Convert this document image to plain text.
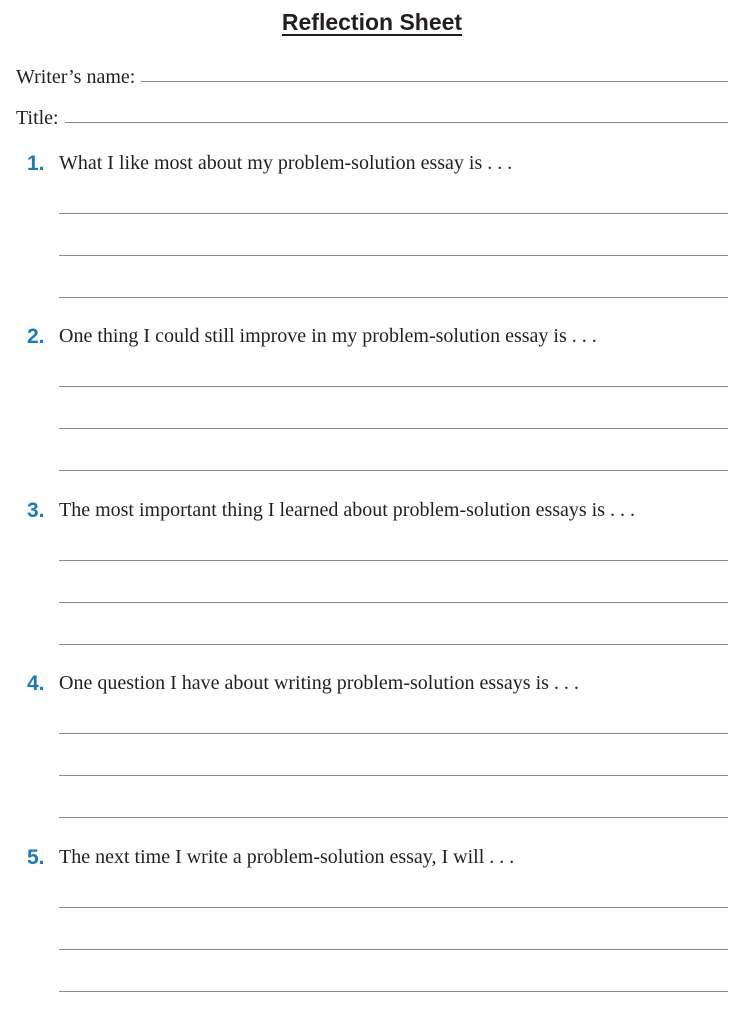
Reflection Sheet
Writer’s name:
Title:
1. What I like most about my problem-solution essay is . . .
2. One thing I could still improve in my problem-solution essay is . . .
3. The most important thing I learned about problem-solution essays is . . .
4. One question I have about writing problem-solution essays is . . .
5. The next time I write a problem-solution essay, I will . . .
